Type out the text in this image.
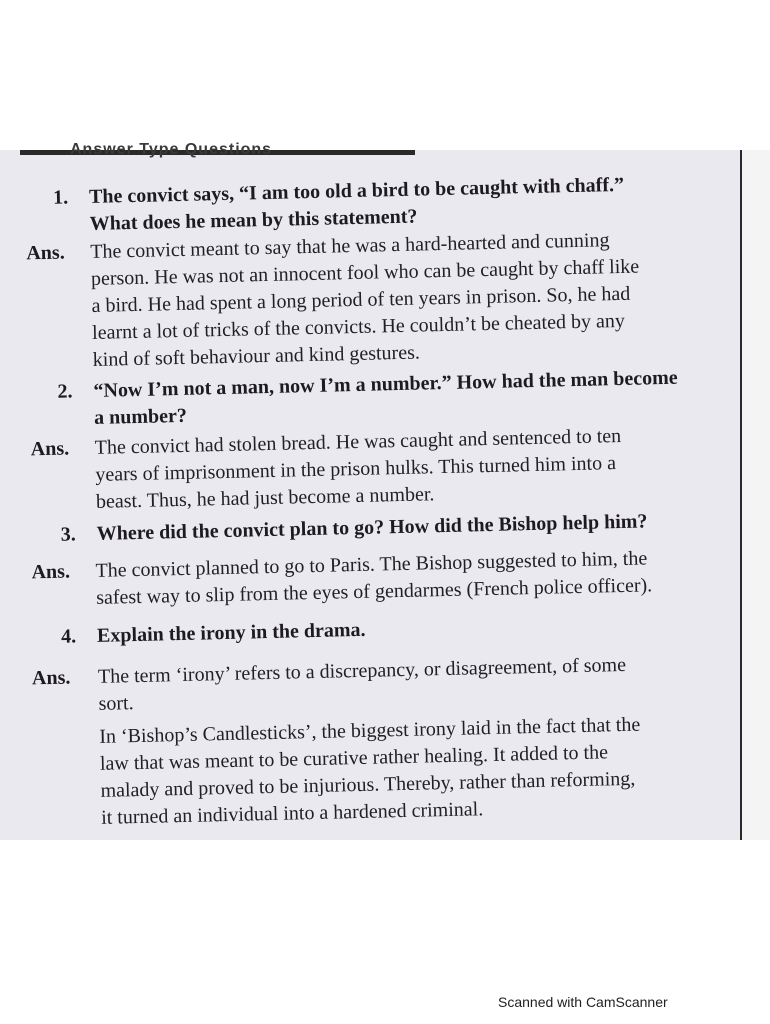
Answer Type Questions
1. The convict says, “I am too old a bird to be caught with chaff.”
What does he mean by this statement?
Ans. The convict meant to say that he was a hard-hearted and cunning
person. He was not an innocent fool who can be caught by chaff like
a bird. He had spent a long period of ten years in prison. So, he had
learnt a lot of tricks of the convicts. He couldn’t be cheated by any
kind of soft behaviour and kind gestures.
2. “Now I’m not a man, now I’m a number.” How had the man become
a number?
Ans. The convict had stolen bread. He was caught and sentenced to ten
years of imprisonment in the prison hulks. This turned him into a
beast. Thus, he had just become a number.
3. Where did the convict plan to go? How did the Bishop help him?
Ans. The convict planned to go to Paris. The Bishop suggested to him, the
safest way to slip from the eyes of gendarmes (French police officer).
4. Explain the irony in the drama.
Ans. The term ‘irony’ refers to a discrepancy, or disagreement, of some
sort.
In ‘Bishop’s Candlesticks’, the biggest irony laid in the fact that the
law that was meant to be curative rather healing. It added to the
malady and proved to be injurious. Thereby, rather than reforming,
it turned an individual into a hardened criminal.
Scanned with CamScanner
